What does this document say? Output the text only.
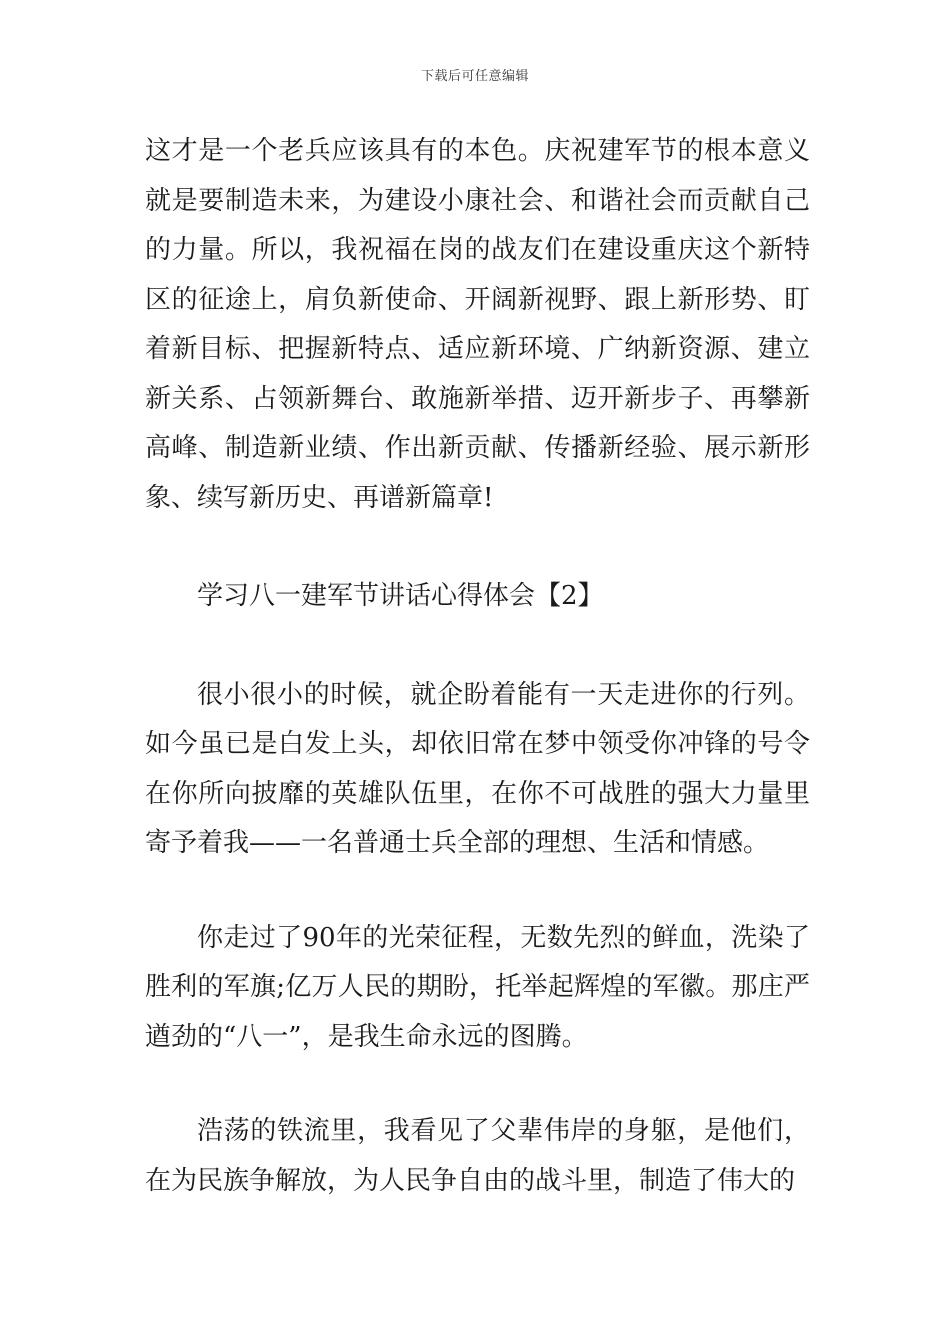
下载后可任意编辑

这才是一个老兵应该具有的本色。庆祝建军节的根本意义就是要制造未来，为建设小康社会、和谐社会而贡献自己的力量。所以，我祝福在岗的战友们在建设重庆这个新特区的征途上，肩负新使命、开阔新视野、跟上新形势、盯着新目标、把握新特点、适应新环境、广纳新资源、建立新关系、占领新舞台、敢施新举措、迈开新步子、再攀新高峰、制造新业绩、作出新贡献、传播新经验、展示新形象、续写新历史、再谱新篇章!

学习八一建军节讲话心得体会【2】

很小很小的时候，就企盼着能有一天走进你的行列。如今虽已是白发上头，却依旧常在梦中领受你冲锋的号令在你所向披靡的英雄队伍里，在你不可战胜的强大力量里寄予着我——一名普通士兵全部的理想、生活和情感。

你走过了90年的光荣征程，无数先烈的鲜血，洗染了胜利的军旗;亿万人民的期盼，托举起辉煌的军徽。那庄严遒劲的“八一”，是我生命永远的图腾。

浩荡的铁流里，我看见了父辈伟岸的身躯，是他们，在为民族争解放，为人民争自由的战斗里，制造了伟大的
